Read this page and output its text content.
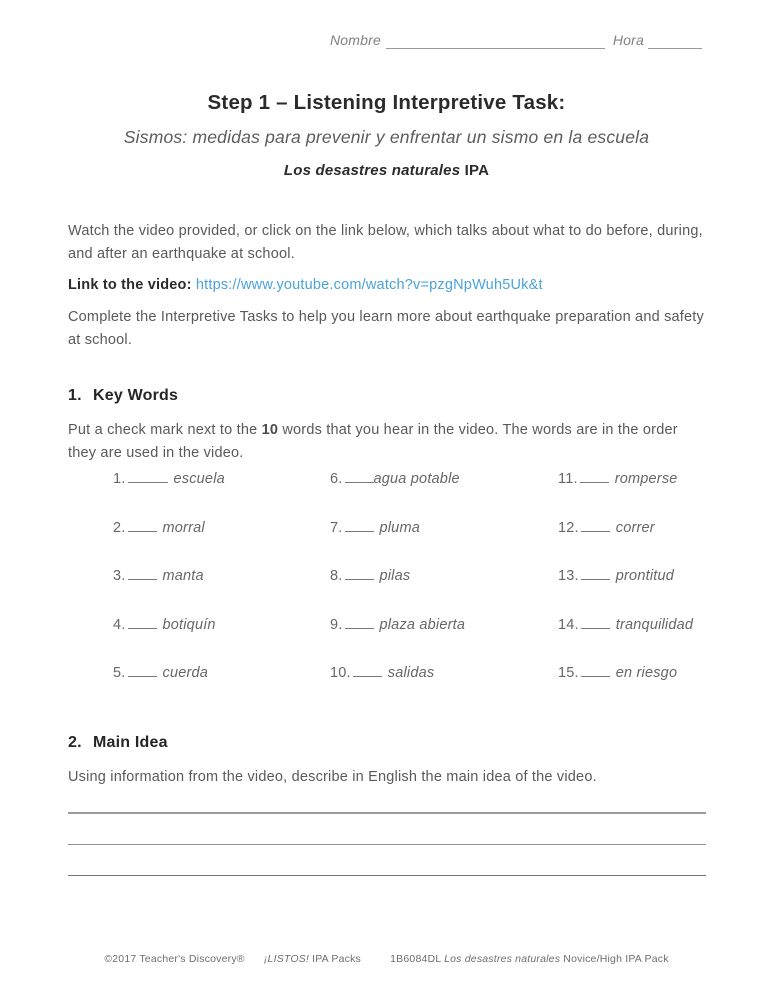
Nombre	Hora
Step 1 – Listening Interpretive Task:
Sismos: medidas para prevenir y enfrentar un sismo en la escuela
Los desastres naturales IPA
Watch the video provided, or click on the link below, which talks about what to do before, during, and after an earthquake at school.
Link to the video: https://www.youtube.com/watch?v=pzgNpWuh5Uk&t
Complete the Interpretive Tasks to help you learn more about earthquake preparation and safety at school.
1. Key Words
Put a check mark next to the 10 words that you hear in the video. The words are in the order they are used in the video.
1.	escuela
2.	morral
3.	manta
4.	botiquín
5.	cuerda
6. agua potable
7.	pluma
8.	pilas
9.	plaza abierta
10.	salidas
11.	romperse
12.	correr
13.	prontitud
14.	tranquilidad
15.	en riesgo
2. Main Idea
Using information from the video, describe in English the main idea of the video.
©2017 Teacher's Discovery® ¡LISTOS! IPA Packs	1B6084DL Los desastres naturales Novice/High IPA Pack
